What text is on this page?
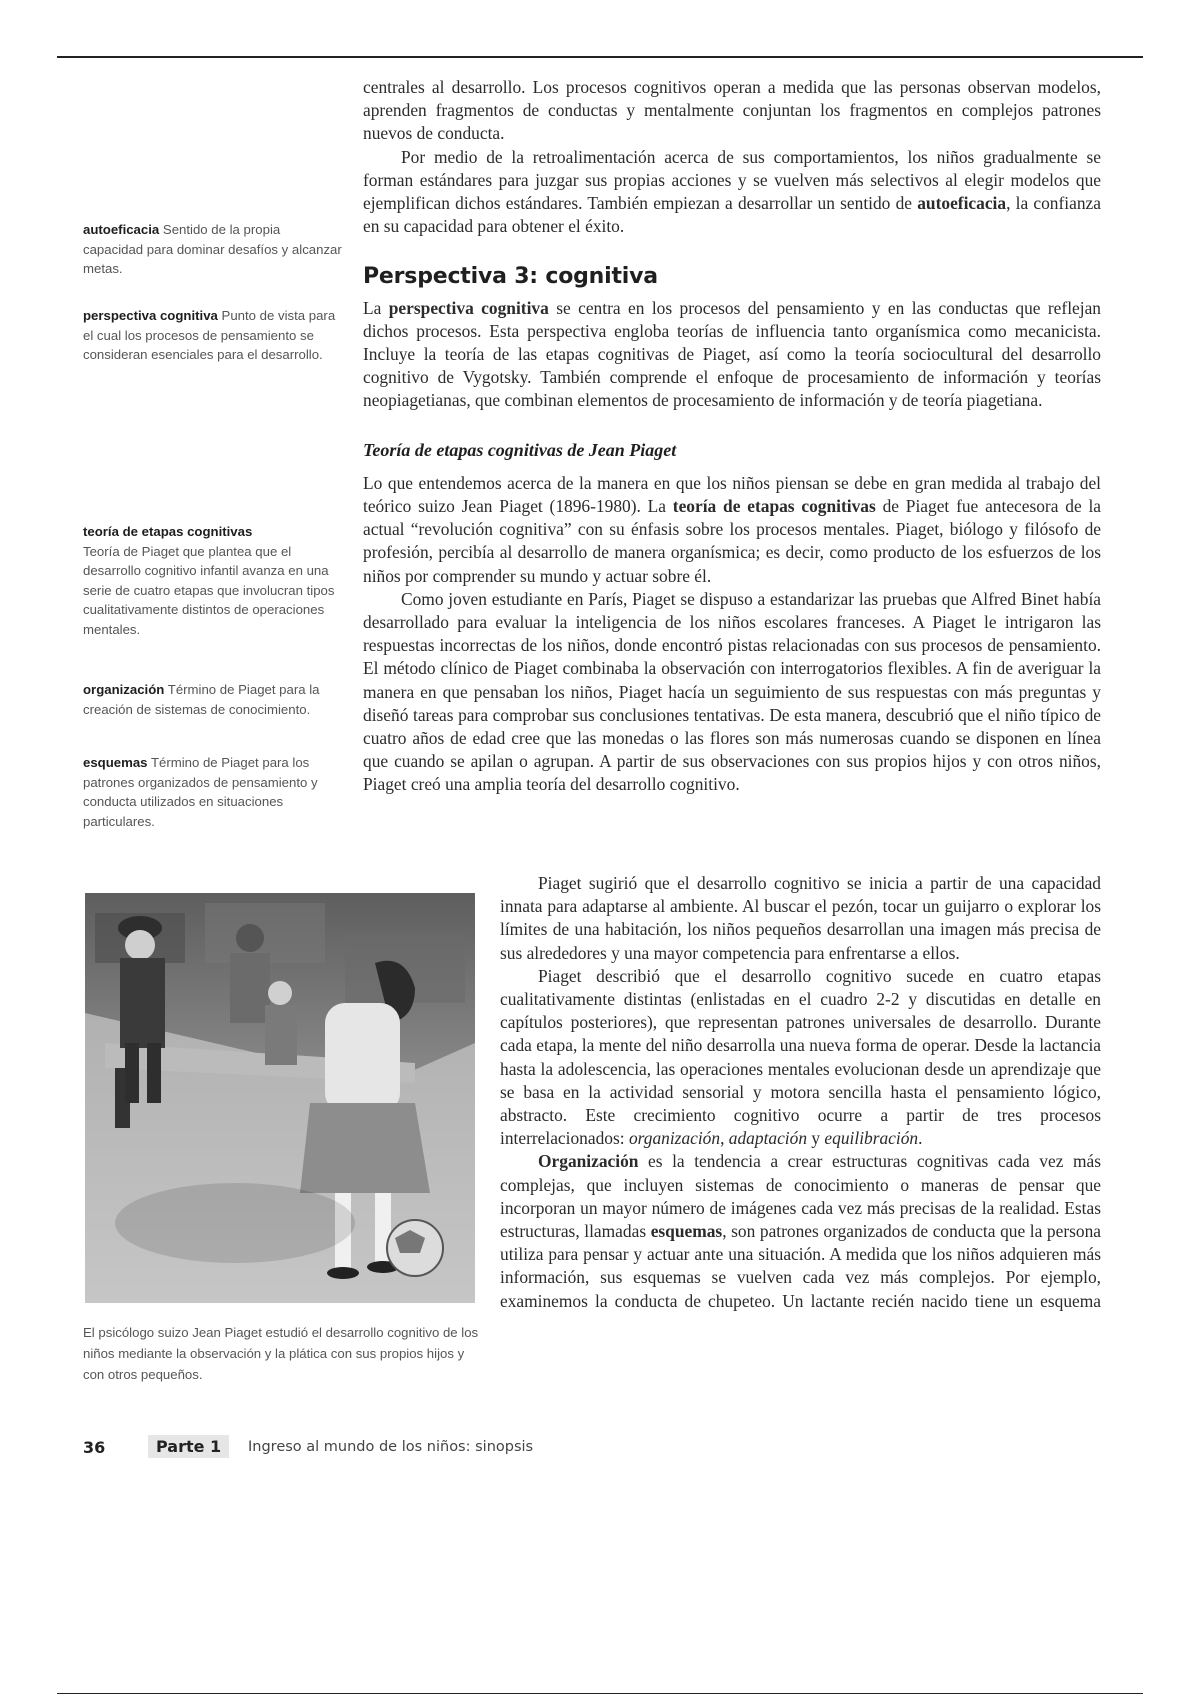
centrales al desarrollo. Los procesos cognitivos operan a medida que las personas observan modelos, aprenden fragmentos de conductas y mentalmente conjuntan los fragmentos en complejos patrones nuevos de conducta.

Por medio de la retroalimentación acerca de sus comportamientos, los niños gradualmente se forman estándares para juzgar sus propias acciones y se vuelven más selectivos al elegir modelos que ejemplifican dichos estándares. También empiezan a desarrollar un sentido de autoeficacia, la confianza en su capacidad para obtener el éxito.

Perspectiva 3: cognitiva

La perspectiva cognitiva se centra en los procesos del pensamiento y en las conductas que reflejan dichos procesos. Esta perspectiva engloba teorías de influencia tanto organísmica como mecanicista. Incluye la teoría de las etapas cognitivas de Piaget, así como la teoría sociocultural del desarrollo cognitivo de Vygotsky. También comprende el enfoque de procesamiento de información y teorías neopiagetianas, que combinan elementos de procesamiento de información y de teoría piagetiana.

Teoría de etapas cognitivas de Jean Piaget

Lo que entendemos acerca de la manera en que los niños piensan se debe en gran medida al trabajo del teórico suizo Jean Piaget (1896-1980). La teoría de etapas cognitivas de Piaget fue antecesora de la actual “revolución cognitiva” con su énfasis sobre los procesos mentales. Piaget, biólogo y filósofo de profesión, percibía al desarrollo de manera organísmica; es decir, como producto de los esfuerzos de los niños por comprender su mundo y actuar sobre él.

Como joven estudiante en París, Piaget se dispuso a estandarizar las pruebas que Alfred Binet había desarrollado para evaluar la inteligencia de los niños escolares franceses. A Piaget le intrigaron las respuestas incorrectas de los niños, donde encontró pistas relacionadas con sus procesos de pensamiento. El método clínico de Piaget combinaba la observación con interrogatorios flexibles. A fin de averiguar la manera en que pensaban los niños, Piaget hacía un seguimiento de sus respuestas con más preguntas y diseñó tareas para comprobar sus conclusiones tentativas. De esta manera, descubrió que el niño típico de cuatro años de edad cree que las monedas o las flores son más numerosas cuando se disponen en línea que cuando se apilan o agrupan. A partir de sus observaciones con sus propios hijos y con otros niños, Piaget creó una amplia teoría del desarrollo cognitivo.

Piaget sugirió que el desarrollo cognitivo se inicia a partir de una capacidad innata para adaptarse al ambiente. Al buscar el pezón, tocar un guijarro o explorar los límites de una habitación, los niños pequeños desarrollan una imagen más precisa de sus alrededores y una mayor competencia para enfrentarse a ellos.

Piaget describió que el desarrollo cognitivo sucede en cuatro etapas cualitativamente distintas (enlistadas en el cuadro 2-2 y discutidas en detalle en capítulos posteriores), que representan patrones universales de desarrollo. Durante cada etapa, la mente del niño desarrolla una nueva forma de operar. Desde la lactancia hasta la adolescencia, las operaciones mentales evolucionan desde un aprendizaje que se basa en la actividad sensorial y motora sencilla hasta el pensamiento lógico, abstracto. Este crecimiento cognitivo ocurre a partir de tres procesos interrelacionados: organización, adaptación y equilibración.

Organización es la tendencia a crear estructuras cognitivas cada vez más complejas, que incluyen sistemas de conocimiento o maneras de pensar que incorporan un mayor número de imágenes cada vez más precisas de la realidad. Estas estructuras, llamadas esquemas, son patrones organizados de conducta que la persona utiliza para pensar y actuar ante una situación. A medida que los niños adquieren más información, sus esquemas se vuelven cada vez más complejos. Por ejemplo, examinemos la conducta de chupeteo. Un lactante recién nacido tiene un esquema

autoeficacia Sentido de la propia capacidad para dominar desafíos y alcanzar metas.
perspectiva cognitiva Punto de vista para el cual los procesos de pensamiento se consideran esenciales para el desarrollo.
teoría de etapas cognitivas
Teoría de Piaget que plantea que el desarrollo cognitivo infantil avanza en una serie de cuatro etapas que involucran tipos cualitativamente distintos de operaciones mentales.
organización Término de Piaget para la creación de sistemas de conocimiento.
esquemas Término de Piaget para los patrones organizados de pensamiento y conducta utilizados en situaciones particulares.
El psicólogo suizo Jean Piaget estudió el desarrollo cognitivo de los niños mediante la observación y la plática con sus propios hijos y con otros pequeños.
36	Parte 1	Ingreso al mundo de los niños: sinopsis
